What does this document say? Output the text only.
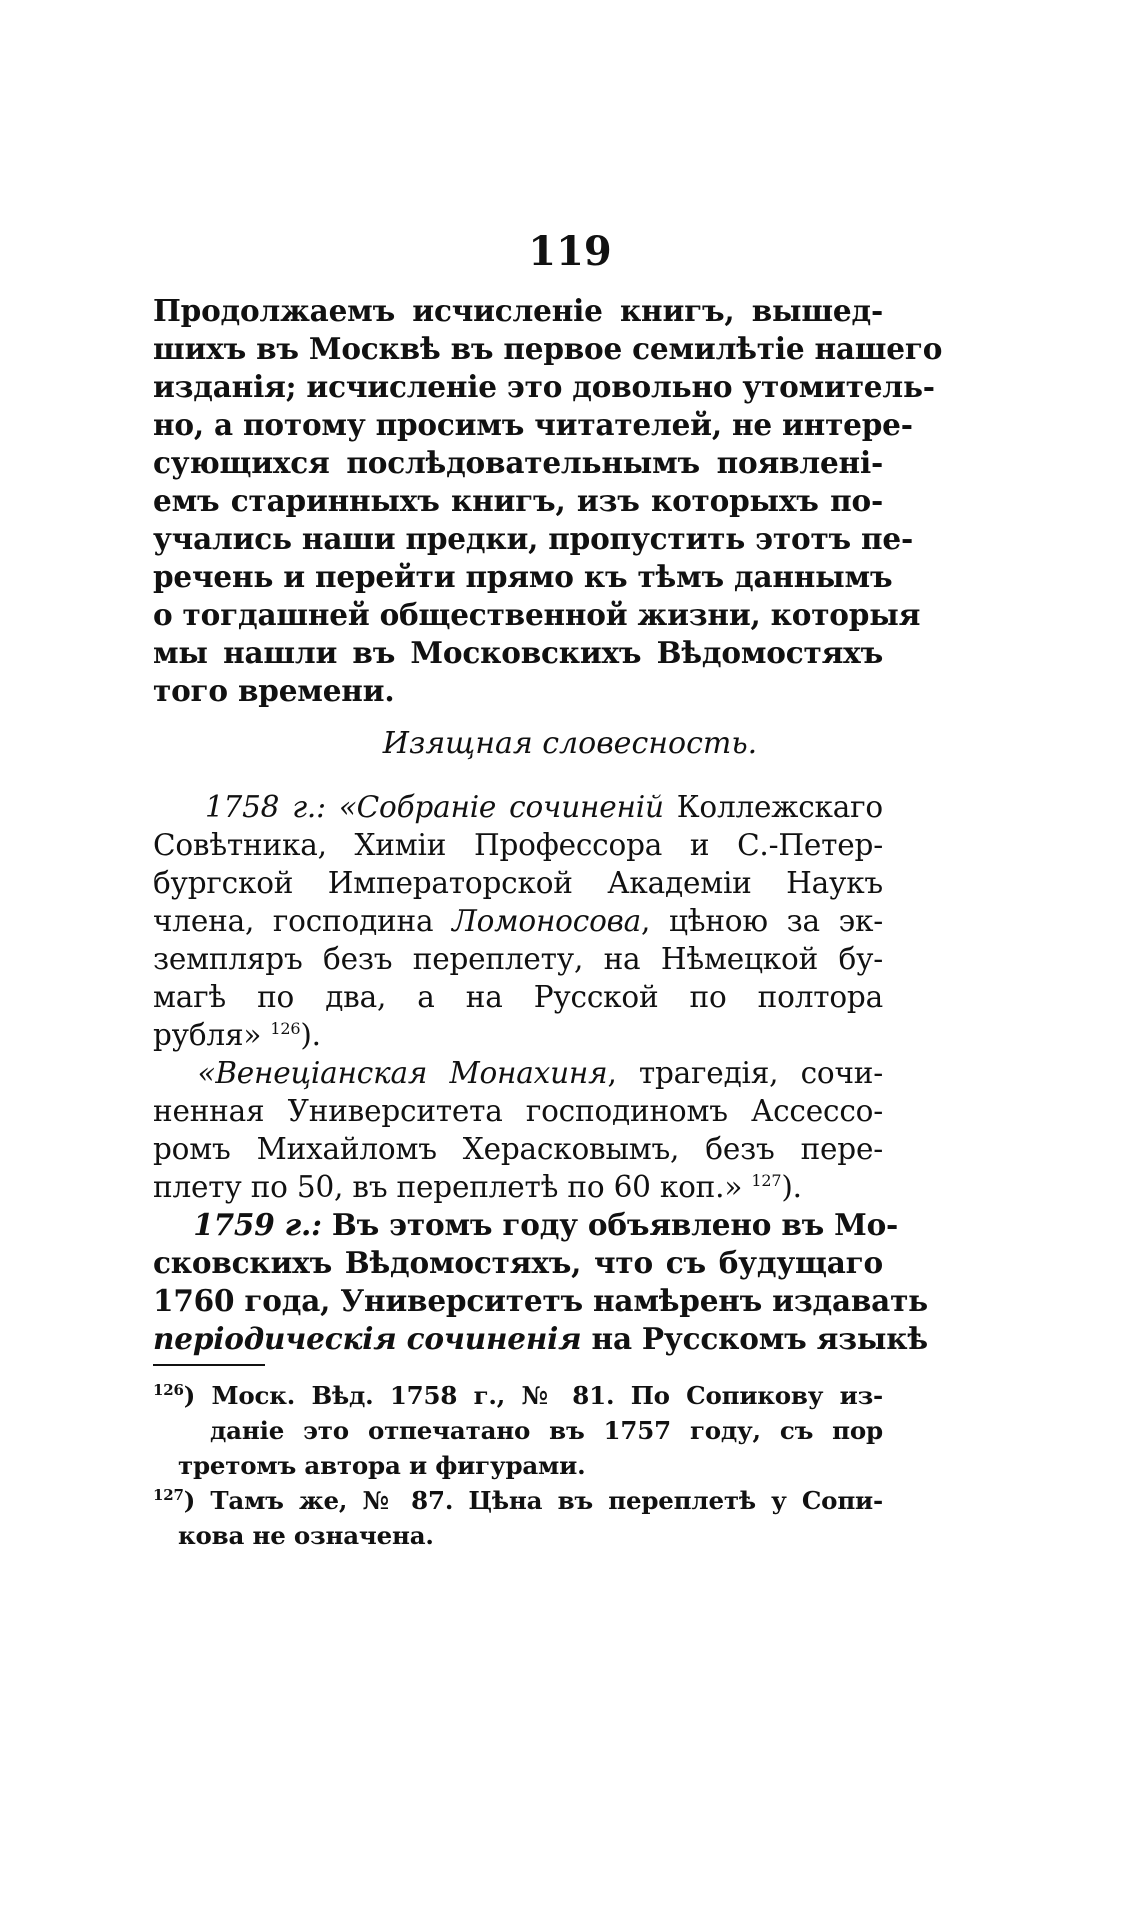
119
Продолжаемъ исчисленіе книгъ, вышед-
шихъ въ Москвѣ въ первое семилѣтіе нашего
изданія; исчисленіе это довольно утомитель-
но, а потому просимъ читателей, не интере-
сующихся послѣдовательнымъ появлені-
емъ старинныхъ книгъ, изъ которыхъ по-
учались наши предки, пропустить этотъ пе-
речень и перейти прямо къ тѣмъ даннымъ
о тогдашней общественной жизни, которыя
мы нашли въ Московскихъ Вѣдомостяхъ
того времени.
Изящная словесность.
1758 г.: «Собраніе сочиненій Коллежскаго
Совѣтника, Химіи Профессора и С.-Петер-
бургской Императорской Академіи Наукъ
члена, господина Ломоносова, цѣною за эк-
земпляръ безъ переплету, на Нѣмецкой бу-
магѣ по два, а на Русской по полтора
рубля» $^{126}$).
«Венеціанская Монахиня, трагедія, сочи-
ненная Университета господиномъ Ассессо-
ромъ Михайломъ Херасковымъ, безъ пере-
плету по 50, въ переплетѣ по 60 коп.» $^{127}$).
1759 г.: Въ этомъ году объявлено въ Мо-
сковскихъ Вѣдомостяхъ, что съ будущаго
1760 года, Университетъ намѣренъ издавать
періодическія сочиненія на Русскомъ языкѣ
$^{126}$) Моск. Вѣд. 1758 г., № 81. По Сопикову из-
даніе это отпечатано въ 1757 году, съ пор
третомъ автора и фигурами.
$^{127}$) Тамъ же, № 87. Цѣна въ переплетѣ у Сопи-
кова не означена.
